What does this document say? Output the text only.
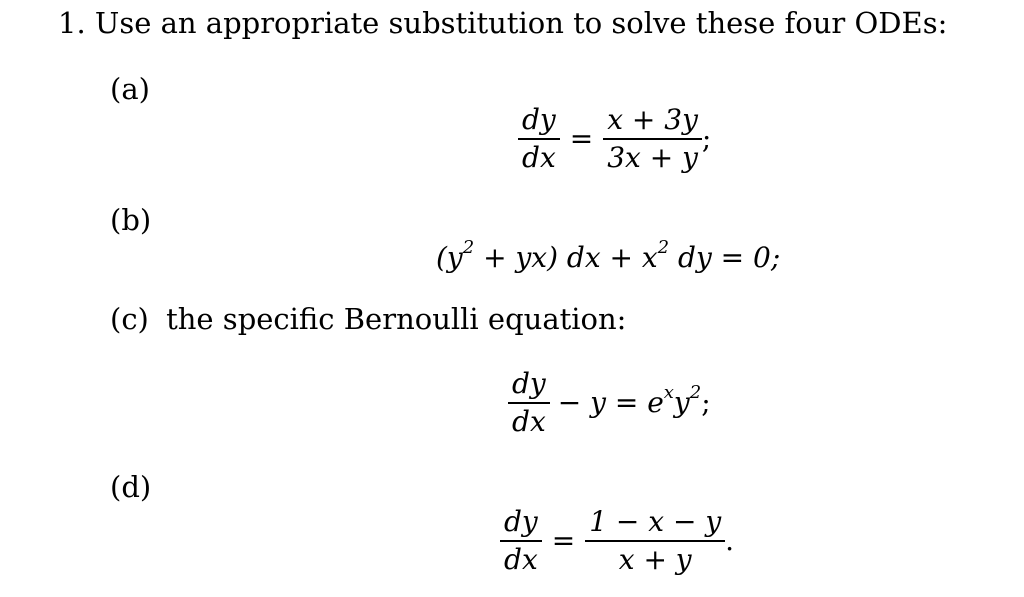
1. Use an appropriate substitution to solve these four ODEs:
(a)
$\frac{dy}{dx} = \frac{x + 3y}{3x + y}$ ;
(b)
$(y^2 + yx)$ dx + $x^2$ dy = 0;
(c) the specific Bernoulli equation:
$\frac{dy}{dx} - y = e^xy^2$;
(d)
$\frac{dy}{dx} = \frac{1 - x - y}{x + y}$ .
